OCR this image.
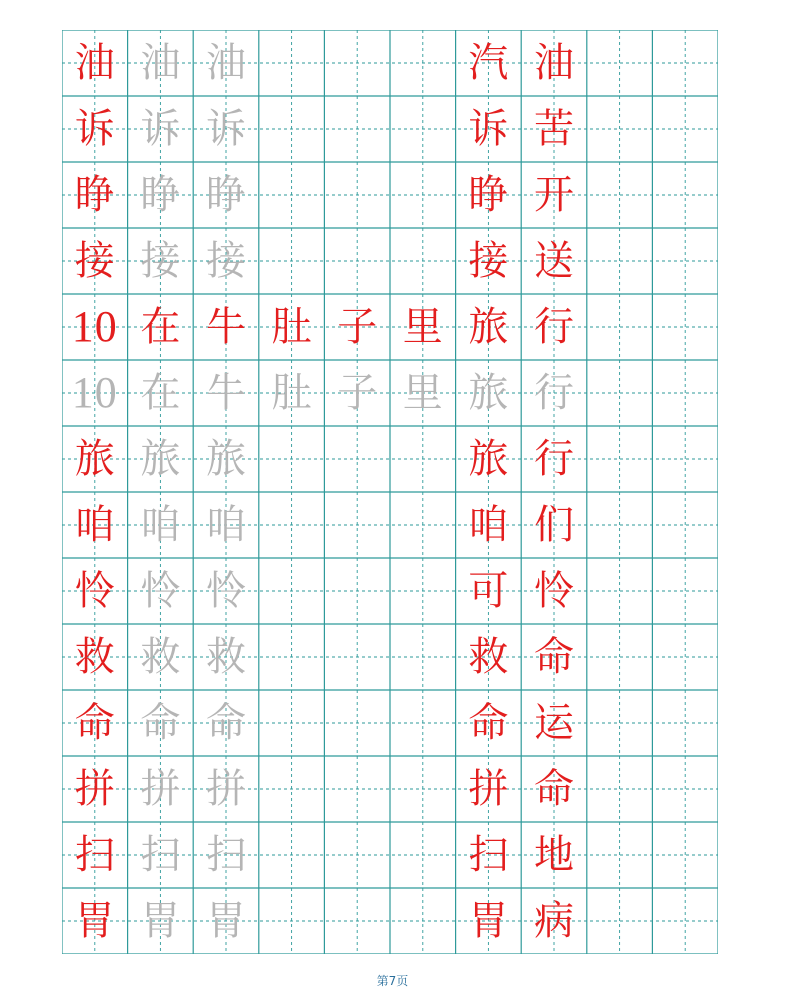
油 油 油	汽 油
诉 诉 诉	诉 苦
睁 睁 睁	睁 开
接 接 接	接 送
10 在 牛 肚 子 里 旅 行
10 在 牛 肚 子 里 旅 行
旅 旅 旅	旅 行
咱 咱 咱	咱 们
怜 怜 怜	可 怜
救 救 救	救 命
命 命 命	命 运
拼 拼 拼	拼 命
扫 扫 扫	扫 地
胃 胃 胃	胃 病
第7页
